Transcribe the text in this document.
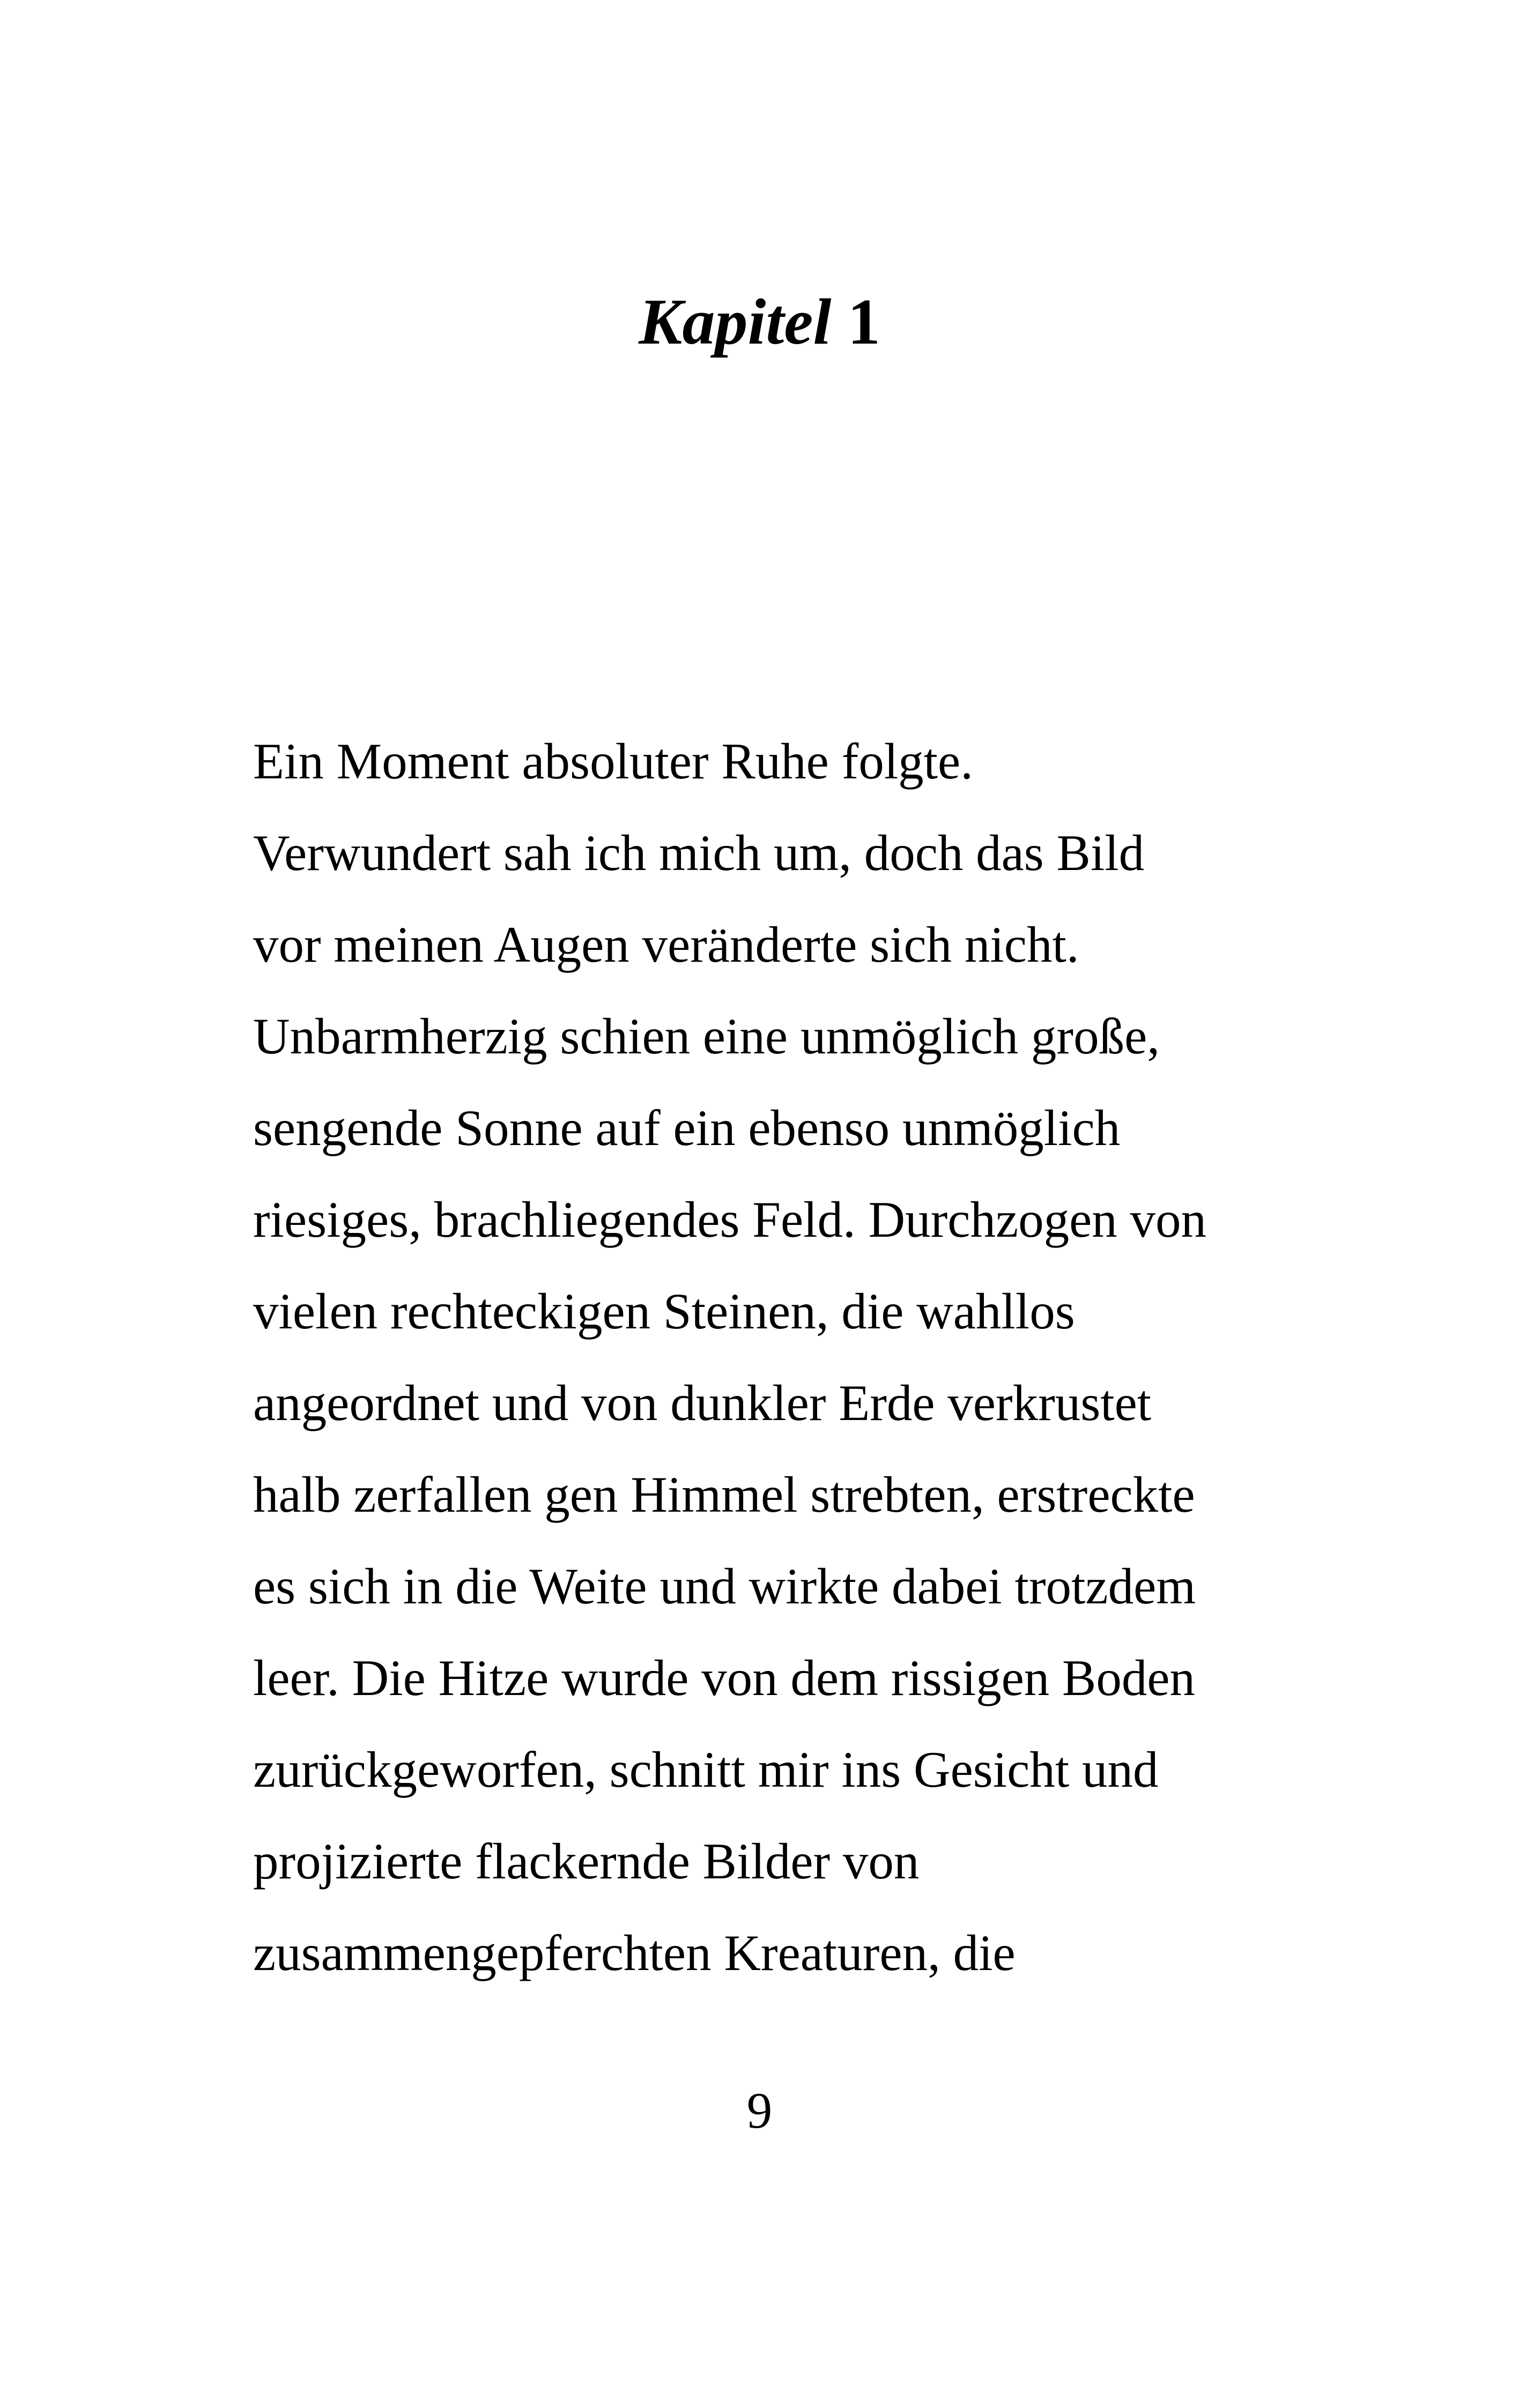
Kapitel 1
Ein Moment absoluter Ruhe folgte.
Verwundert sah ich mich um, doch das Bild
vor meinen Augen veränderte sich nicht.
Unbarmherzig schien eine unmöglich große,
sengende Sonne auf ein ebenso unmöglich
riesiges, brachliegendes Feld. Durchzogen von
vielen rechteckigen Steinen, die wahllos
angeordnet und von dunkler Erde verkrustet
halb zerfallen gen Himmel strebten, erstreckte
es sich in die Weite und wirkte dabei trotzdem
leer. Die Hitze wurde von dem rissigen Boden
zurückgeworfen, schnitt mir ins Gesicht und
projizierte flackernde Bilder von
zusammengepferchten Kreaturen, die
9
